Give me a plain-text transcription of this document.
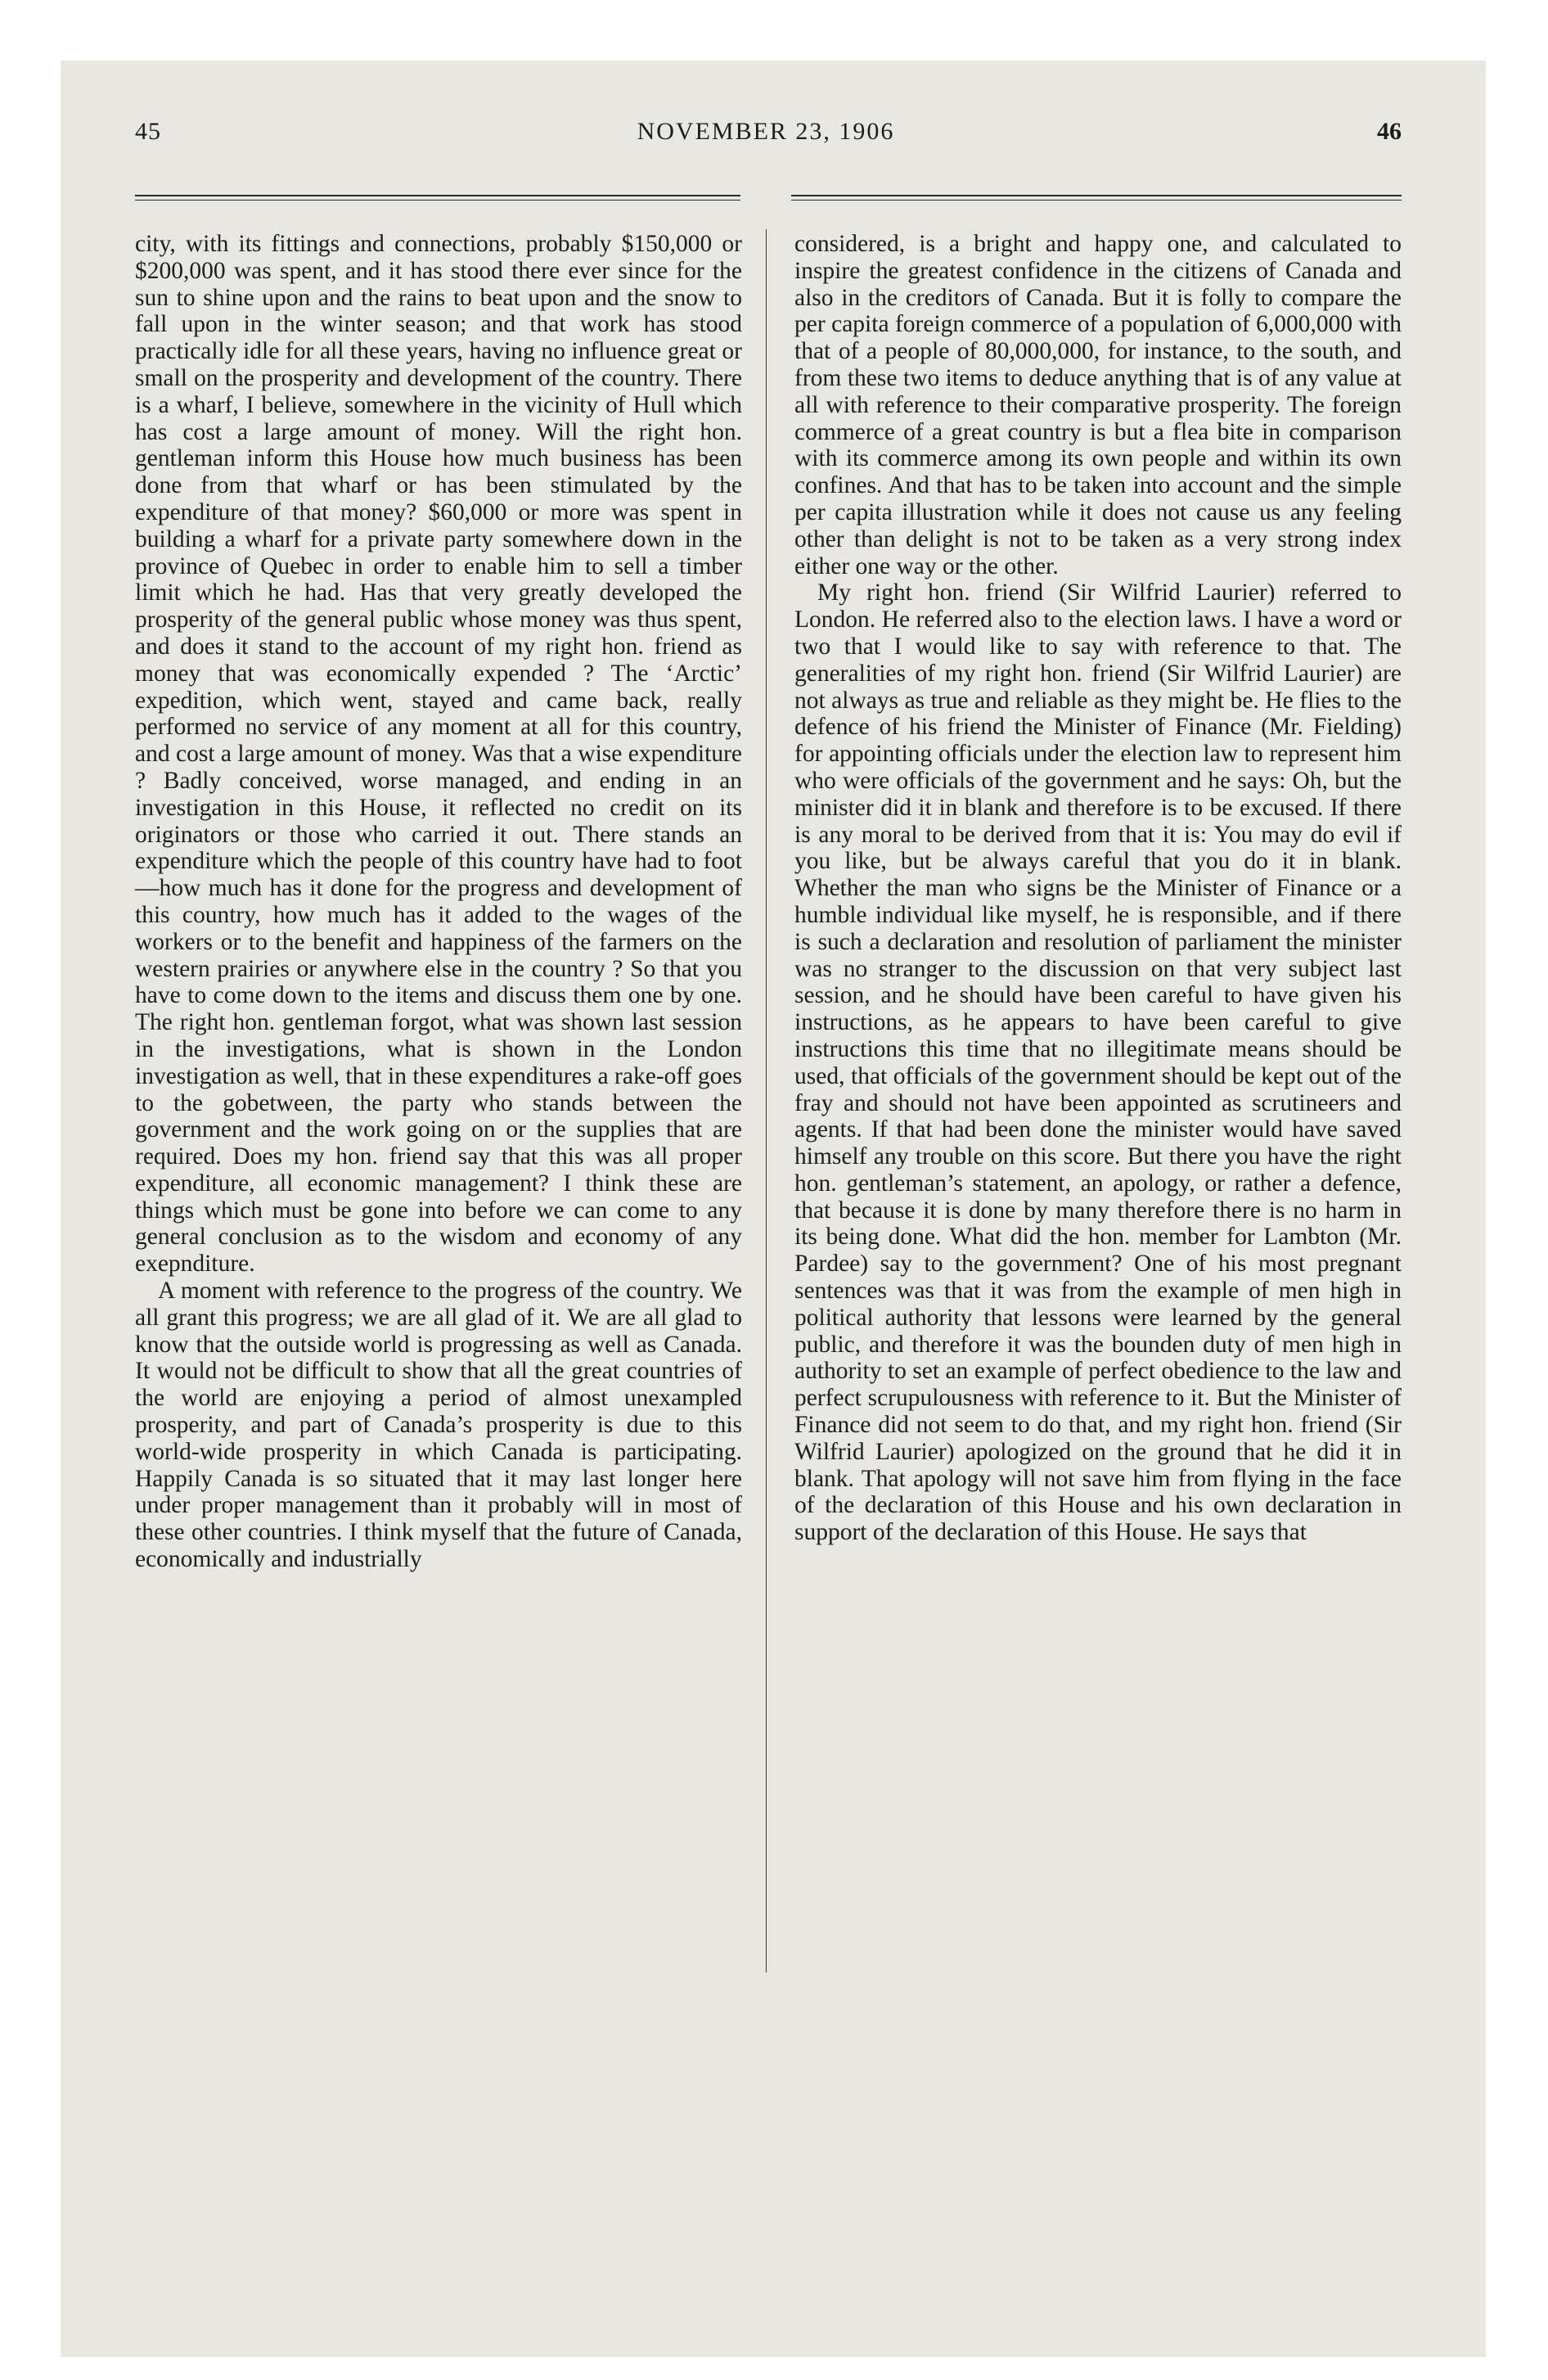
45	NOVEMBER 23, 1906	46

city, with its fittings and connections, probably $150,000 or $200,000 was spent, and it has stood there ever since for the sun to shine upon and the rains to beat upon and the snow to fall upon in the winter season; and that work has stood practically idle for all these years, having no influence great or small on the prosperity and development of the country. There is a wharf, I believe, somewhere in the vicinity of Hull which has cost a large amount of money. Will the right hon. gentleman inform this House how much business has been done from that wharf or has been stimulated by the expenditure of that money? $60,000 or more was spent in building a wharf for a private party somewhere down in the province of Quebec in order to enable him to sell a timber limit which he had. Has that very greatly developed the prosperity of the general public whose money was thus spent, and does it stand to the account of my right hon. friend as money that was economically expended ? The ‘Arctic’ expedition, which went, stayed and came back, really performed no service of any moment at all for this country, and cost a large amount of money. Was that a wise expenditure ? Badly conceived, worse managed, and ending in an investigation in this House, it reflected no credit on its originators or those who carried it out. There stands an expenditure which the people of this country have had to foot—how much has it done for the progress and development of this country, how much has it added to the wages of the workers or to the benefit and happiness of the farmers on the western prairies or anywhere else in the country ? So that you have to come down to the items and discuss them one by one. The right hon. gentleman forgot, what was shown last session in the investigations, what is shown in the London investigation as well, that in these expenditures a rake-off goes to the gobetween, the party who stands between the government and the work going on or the supplies that are required. Does my hon. friend say that this was all proper expenditure, all economic management? I think these are things which must be gone into before we can come to any general conclusion as to the wisdom and economy of any exepnditure.

A moment with reference to the progress of the country. We all grant this progress; we are all glad of it. We are all glad to know that the outside world is progressing as well as Canada. It would not be difficult to show that all the great countries of the world are enjoying a period of almost unexampled prosperity, and part of Canada’s prosperity is due to this world-wide prosperity in which Canada is participating. Happily Canada is so situated that it may last longer here under proper management than it probably will in most of these other countries. I think myself that the future of Canada, economically and industrially

considered, is a bright and happy one, and calculated to inspire the greatest confidence in the citizens of Canada and also in the creditors of Canada. But it is folly to compare the per capita foreign commerce of a population of 6,000,000 with that of a people of 80,000,000, for instance, to the south, and from these two items to deduce anything that is of any value at all with reference to their comparative prosperity. The foreign commerce of a great country is but a flea bite in comparison with its commerce among its own people and within its own confines. And that has to be taken into account and the simple per capita illustration while it does not cause us any feeling other than delight is not to be taken as a very strong index either one way or the other.

My right hon. friend (Sir Wilfrid Laurier) referred to London. He referred also to the election laws. I have a word or two that I would like to say with reference to that. The generalities of my right hon. friend (Sir Wilfrid Laurier) are not always as true and reliable as they might be. He flies to the defence of his friend the Minister of Finance (Mr. Fielding) for appointing officials under the election law to represent him who were officials of the government and he says: Oh, but the minister did it in blank and therefore is to be excused. If there is any moral to be derived from that it is: You may do evil if you like, but be always careful that you do it in blank. Whether the man who signs be the Minister of Finance or a humble individual like myself, he is responsible, and if there is such a declaration and resolution of parliament the minister was no stranger to the discussion on that very subject last session, and he should have been careful to have given his instructions, as he appears to have been careful to give instructions this time that no illegitimate means should be used, that officials of the government should be kept out of the fray and should not have been appointed as scrutineers and agents. If that had been done the minister would have saved himself any trouble on this score. But there you have the right hon. gentleman’s statement, an apology, or rather a defence, that because it is done by many therefore there is no harm in its being done. What did the hon. member for Lambton (Mr. Pardee) say to the government? One of his most pregnant sentences was that it was from the example of men high in political authority that lessons were learned by the general public, and therefore it was the bounden duty of men high in authority to set an example of perfect obedience to the law and perfect scrupulousness with reference to it. But the Minister of Finance did not seem to do that, and my right hon. friend (Sir Wilfrid Laurier) apologized on the ground that he did it in blank. That apology will not save him from flying in the face of the declaration of this House and his own declaration in support of the declaration of this House. He says that
